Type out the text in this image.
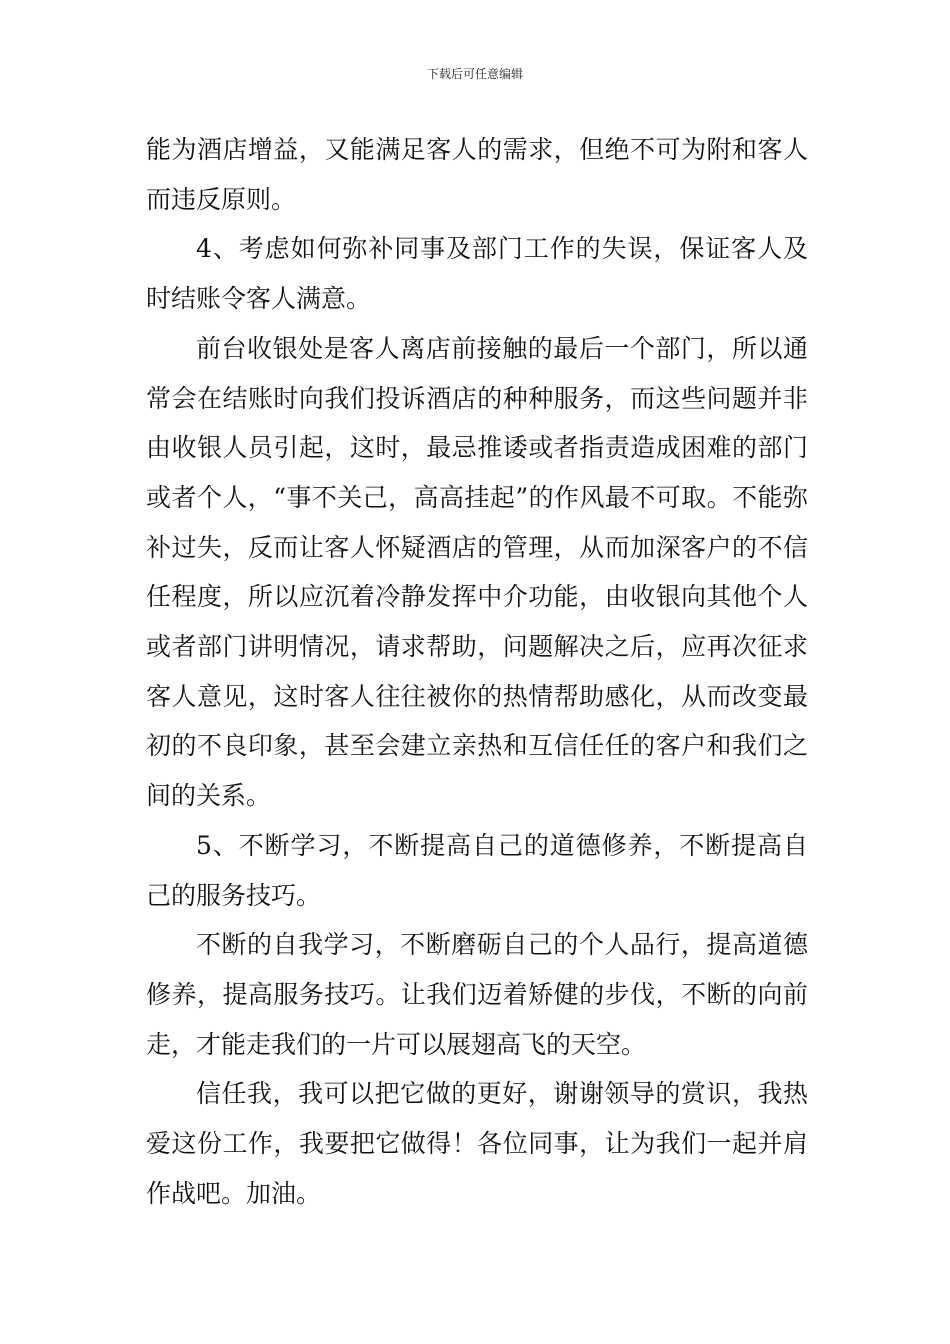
下载后可任意编辑

能为酒店增益，又能满足客人的需求，但绝不可为附和客人而违反原则。

4、考虑如何弥补同事及部门工作的失误，保证客人及时结账令客人满意。

前台收银处是客人离店前接触的最后一个部门，所以通常会在结账时向我们投诉酒店的种种服务，而这些问题并非由收银人员引起，这时，最忌推诿或者指责造成困难的部门或者个人，“事不关己，高高挂起”的作风最不可取。不能弥补过失，反而让客人怀疑酒店的管理，从而加深客户的不信任程度，所以应沉着冷静发挥中介功能，由收银向其他个人或者部门讲明情况，请求帮助，问题解决之后，应再次征求客人意见，这时客人往往被你的热情帮助感化，从而改变最初的不良印象，甚至会建立亲热和互信任任的客户和我们之间的关系。

5、不断学习，不断提高自己的道德修养，不断提高自己的服务技巧。

不断的自我学习，不断磨砺自己的个人品行，提高道德修养，提高服务技巧。让我们迈着矫健的步伐，不断的向前走，才能走我们的一片可以展翅高飞的天空。

信任我，我可以把它做的更好，谢谢领导的赏识，我热爱这份工作，我要把它做得！各位同事，让为我们一起并肩作战吧。加油。
